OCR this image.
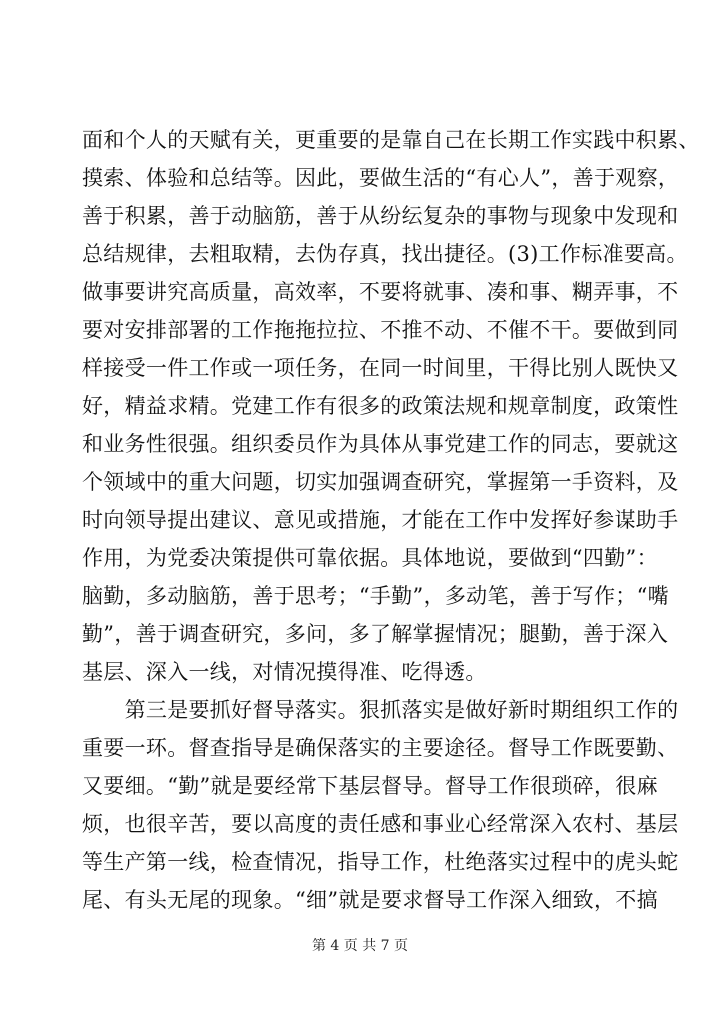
面和个人的天赋有关，更重要的是靠自己在长期工作实践中积累、
摸索、体验和总结等。因此，要做生活的“有心人”，善于观察，
善于积累，善于动脑筋，善于从纷纭复杂的事物与现象中发现和
总结规律，去粗取精，去伪存真，找出捷径。(3)工作标准要高。
做事要讲究高质量，高效率，不要将就事、凑和事、糊弄事，不
要对安排部署的工作拖拖拉拉、不推不动、不催不干。要做到同
样接受一件工作或一项任务，在同一时间里，干得比别人既快又
好，精益求精。党建工作有很多的政策法规和规章制度，政策性
和业务性很强。组织委员作为具体从事党建工作的同志，要就这
个领域中的重大问题，切实加强调查研究，掌握第一手资料，及
时向领导提出建议、意见或措施，才能在工作中发挥好参谋助手
作用，为党委决策提供可靠依据。具体地说，要做到“四勤”：
脑勤，多动脑筋，善于思考；“手勤”，多动笔，善于写作；“嘴
勤”，善于调查研究，多问，多了解掌握情况；腿勤，善于深入
基层、深入一线，对情况摸得准、吃得透。
　　第三是要抓好督导落实。狠抓落实是做好新时期组织工作的
重要一环。督查指导是确保落实的主要途径。督导工作既要勤、
又要细。“勤”就是要经常下基层督导。督导工作很琐碎，很麻
烦，也很辛苦，要以高度的责任感和事业心经常深入农村、基层
等生产第一线，检查情况，指导工作，杜绝落实过程中的虎头蛇
尾、有头无尾的现象。“细”就是要求督导工作深入细致，不搞
第 4 页 共 7 页
